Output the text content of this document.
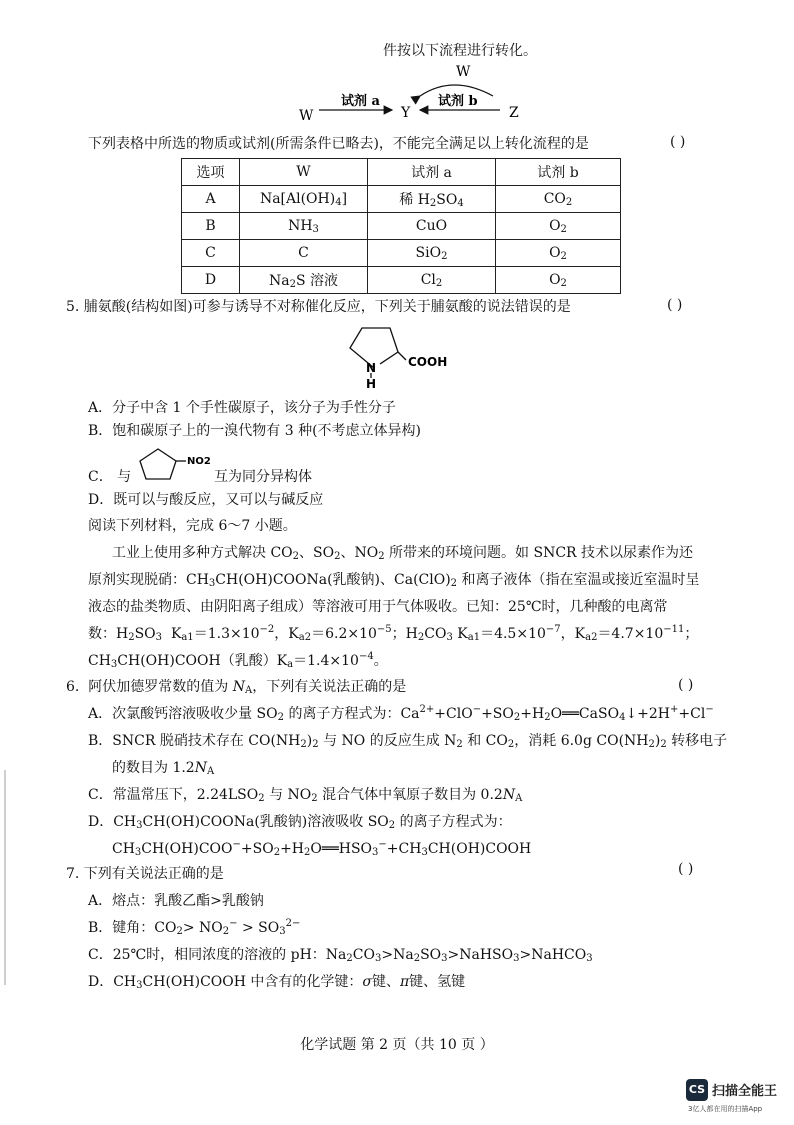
件按以下流程进行转化。
W
试剂 a
Y
试剂 b
Z
W
下列表格中所选的物质或试剂(所需条件已略去)，不能完全满足以上转化流程的是	( )
选项	W	试剂 a	试剂 b
A	$Na[Al(OH)_4]$	稀 $H_2SO_4$	$CO_2$
B	$NH_3$	CuO	$O_2$
C	C	SiO$_2$	$O_2$
D	$Na_2S$ 溶液	$Cl_2$	$O_2$
5. 脯氨酸(结构如图)可参与诱导不对称催化反应，下列关于脯氨酸的说法错误的是	( )
N
H
COOH
A．分子中含 1 个手性碳原子，该分子为手性分子
B．饱和碳原子上的一溴代物有 3 种(不考虑立体异构)
C． 与
NO2
互为同分异构体
D．既可以与酸反应，又可以与碱反应
阅读下列材料，完成 6～7 小题。
工业上使用多种方式解决 $CO_2$、$SO_2$、$NO_2$ 所带来的环境问题。如 SNCR 技术以尿素作为还
原剂实现脱硝：$CH_3CH(OH)COONa$(乳酸钠)、$Ca(ClO)_2$ 和离子液体（指在室温或接近室温时呈
液态的盐类物质、由阴阳离子组成）等溶液可用于气体吸收。已知：25℃时，几种酸的电离常
数：$H_2SO_3$  $K_{a1}=1.3\times 10^{-2}$，$K_{a2}=6.2\times 10^{-5}$；$H_2CO_3$ $K_{a1}=4.5\times 10^{-7}$，$K_{a2}=4.7\times 10^{-11}$；
$CH_3CH(OH)COOH$（乳酸）$K_a=1.4\times 10^{-4}$。
6.  阿伏加德罗常数的值为 $N_A$，下列有关说法正确的是	( )
A．次氯酸钙溶液吸收少量 $SO_2$ 的离子方程式为：$Ca^{2+}+ClO^-+SO_2+H_2O══CaSO_4↓+2H^++Cl^-$
B．SNCR 脱硝技术存在 $CO(NH_2)_2$ 与 NO 的反应生成 $N_2$ 和 $CO_2$，消耗 6.0g $CO(NH_2)_2$ 转移电子
的数目为 $1.2N_A$
C．常温常压下，$2.24LSO_2$ 与 $NO_2$ 混合气体中氧原子数目为 $0.2N_A$
D．$CH_3CH(OH)COONa$(乳酸钠)溶液吸收 $SO_2$ 的离子方程式为：
$CH_3CH(OH)COO^-+SO_2+H_2O══HSO_3^-+CH_3CH(OH)COOH$
7. 下列有关说法正确的是	( )
A．熔点：乳酸乙酯>乳酸钠
B．键角：$CO_2> NO_2^- > SO_3^{2-}$
C．25℃时，相同浓度的溶液的 pH：$Na_2CO_3>Na_2SO_3>NaHSO_3>NaHCO_3$
D．$CH_3CH(OH)COOH$ 中含有的化学键：σ键、π键、氢键
化学试题 第 2 页（共 10 页 ）
CS 扫描全能王
3亿人都在用的扫描App
